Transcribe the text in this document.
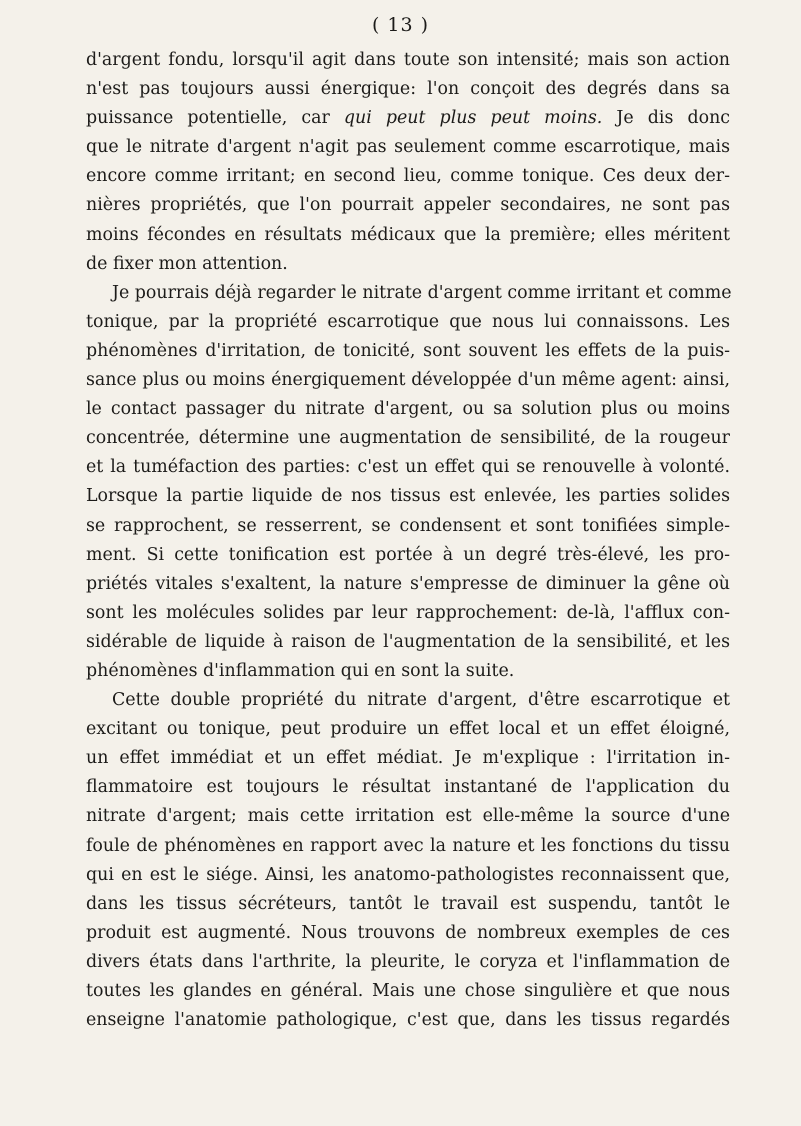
( 13 )
d'argent fondu, lorsqu'il agit dans toute son intensité; mais son action
n'est pas toujours aussi énergique: l'on conçoit des degrés dans sa
puissance potentielle, car qui peut plus peut moins. Je dis donc
que le nitrate d'argent n'agit pas seulement comme escarrotique, mais
encore comme irritant; en second lieu, comme tonique. Ces deux der-
nières propriétés, que l'on pourrait appeler secondaires, ne sont pas
moins fécondes en résultats médicaux que la première; elles méritent
de fixer mon attention.
Je pourrais déjà regarder le nitrate d'argent comme irritant et comme
tonique, par la propriété escarrotique que nous lui connaissons. Les
phénomènes d'irritation, de tonicité, sont souvent les effets de la puis-
sance plus ou moins énergiquement développée d'un même agent: ainsi,
le contact passager du nitrate d'argent, ou sa solution plus ou moins
concentrée, détermine une augmentation de sensibilité, de la rougeur
et la tuméfaction des parties: c'est un effet qui se renouvelle à volonté.
Lorsque la partie liquide de nos tissus est enlevée, les parties solides
se rapprochent, se resserrent, se condensent et sont tonifiées simple-
ment. Si cette tonification est portée à un degré très-élevé, les pro-
priétés vitales s'exaltent, la nature s'empresse de diminuer la gêne où
sont les molécules solides par leur rapprochement: de-là, l'afflux con-
sidérable de liquide à raison de l'augmentation de la sensibilité, et les
phénomènes d'inflammation qui en sont la suite.
Cette double propriété du nitrate d'argent, d'être escarrotique et
excitant ou tonique, peut produire un effet local et un effet éloigné,
un effet immédiat et un effet médiat. Je m'explique : l'irritation in-
flammatoire est toujours le résultat instantané de l'application du
nitrate d'argent; mais cette irritation est elle-même la source d'une
foule de phénomènes en rapport avec la nature et les fonctions du tissu
qui en est le siége. Ainsi, les anatomo-pathologistes reconnaissent que,
dans les tissus sécréteurs, tantôt le travail est suspendu, tantôt le
produit est augmenté. Nous trouvons de nombreux exemples de ces
divers états dans l'arthrite, la pleurite, le coryza et l'inflammation de
toutes les glandes en général. Mais une chose singulière et que nous
enseigne l'anatomie pathologique, c'est que, dans les tissus regardés
